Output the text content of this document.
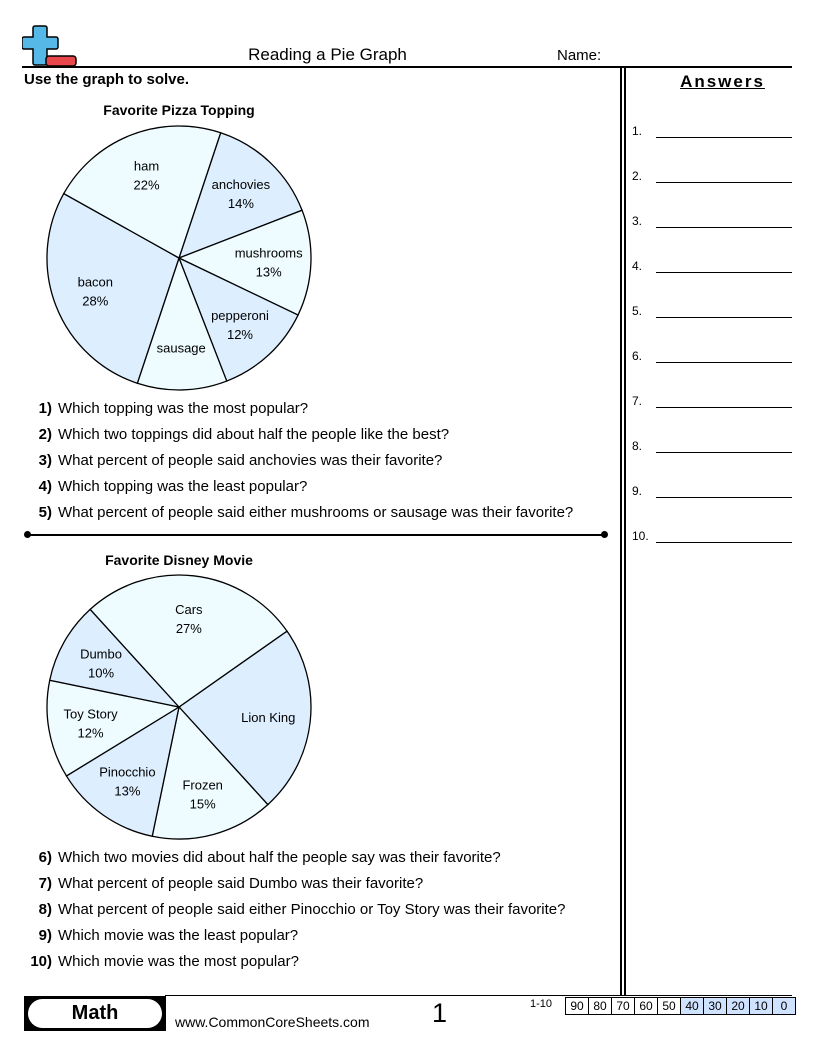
Reading a Pie Graph	Name:
Use the graph to solve.	Answers
1.
2.
3.
4.
5.
6.
7.
8.
9.
10.
Favorite Pizza Topping
anchovies
14%
mushrooms
13%
pepperoni
12%
sausage
bacon
28%
ham
22%
1) Which topping was the most popular?
2) Which two toppings did about half the people like the best?
3) What percent of people said anchovies was their favorite?
4) Which topping was the least popular?
5) What percent of people said either mushrooms or sausage was their favorite?
Favorite Disney Movie
Lion King
Frozen
15%
Pinocchio
13%
Toy Story
12%
Dumbo
10%
Cars
27%
6) Which two movies did about half the people say was their favorite?
7) What percent of people said Dumbo was their favorite?
8) What percent of people said either Pinocchio or Toy Story was their favorite?
9) Which movie was the least popular?
10) Which movie was the most popular?
Math	www.CommonCoreSheets.com 1	1-10	90 80 70 60 50 40 30 20 10	0
